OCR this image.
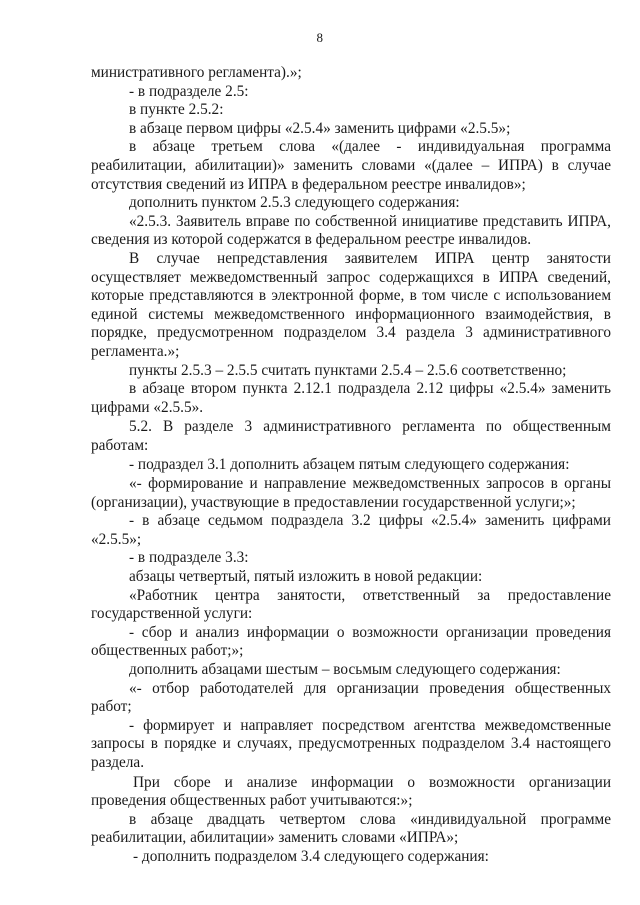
8

министративного регламента).»;

- в подразделе 2.5:

в пункте 2.5.2:

в абзаце первом цифры «2.5.4» заменить цифрами «2.5.5»;

в абзаце третьем слова «(далее - индивидуальная программа реабилитации, абилитации)» заменить словами «(далее – ИПРА) в случае отсутствия сведений из ИПРА в федеральном реестре инвалидов»;

дополнить пунктом 2.5.3 следующего содержания:

«2.5.3. Заявитель вправе по собственной инициативе представить ИПРА, сведения из которой содержатся в федеральном реестре инвалидов.

В случае непредставления заявителем ИПРА центр занятости осуществляет межведомственный запрос содержащихся в ИПРА сведений, которые представляются в электронной форме, в том числе с использованием единой системы межведомственного информационного взаимодействия, в порядке, предусмотренном подразделом 3.4 раздела 3 административного регламента.»;

пункты 2.5.3 – 2.5.5 считать пунктами 2.5.4 – 2.5.6 соответственно;

в абзаце втором пункта 2.12.1 подраздела 2.12 цифры «2.5.4» заменить цифрами «2.5.5».

5.2. В разделе 3 административного регламента по общественным работам:

- подраздел 3.1 дополнить абзацем пятым следующего содержания:

«- формирование и направление межведомственных запросов в органы (организации), участвующие в предоставлении государственной услуги;»;

- в абзаце седьмом подраздела 3.2 цифры «2.5.4» заменить цифрами «2.5.5»;

- в подразделе 3.3:

абзацы четвертый, пятый изложить в новой редакции:

«Работник центра занятости, ответственный за предоставление государственной услуги:

- сбор и анализ информации о возможности организации проведения общественных работ;»;

дополнить абзацами шестым – восьмым следующего содержания:

«- отбор работодателей для организации проведения общественных работ;

- формирует и направляет посредством агентства межведомственные запросы в порядке и случаях, предусмотренных подразделом 3.4 настоящего раздела.

При сборе и анализе информации о возможности организации проведения общественных работ учитываются:»;

в абзаце двадцать четвертом слова «индивидуальной программе реабилитации, абилитации» заменить словами «ИПРА»;

- дополнить подразделом 3.4 следующего содержания:
